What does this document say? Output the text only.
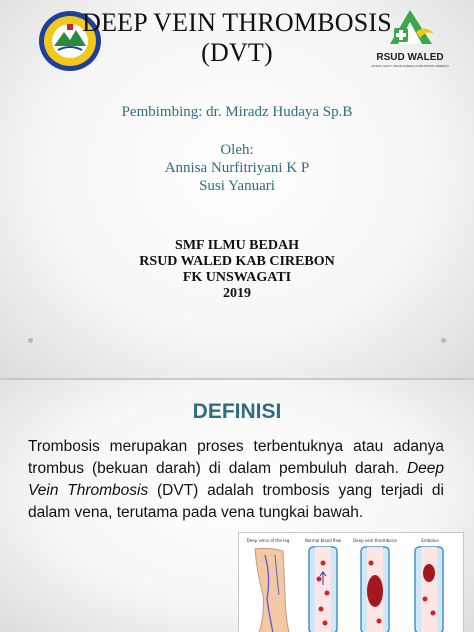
DEEP VEIN THROMBOSIS
(DVT)	RSUD WALED
RUMAH SAKIT UMUM DAERAH KABUPATEN CIREBON
Pembimbing: dr. Miradz Hudaya Sp.B
Oleh:
Annisa Nurfitriyani K P
Susi Yanuari
SMF ILMU BEDAH
RSUD WALED KAB CIREBON
FK UNSWAGATI
2019
DEFINISI
Trombosis merupakan proses terbentuknya atau adanya trombus (bekuan darah) di dalam pembuluh darah. Deep Vein Thrombosis (DVT) adalah trombosis yang terjadi di dalam vena, terutama pada vena tungkai bawah.
Deep veins of the leg	Normal blood flow	Deep vein thrombosis	Embolus
